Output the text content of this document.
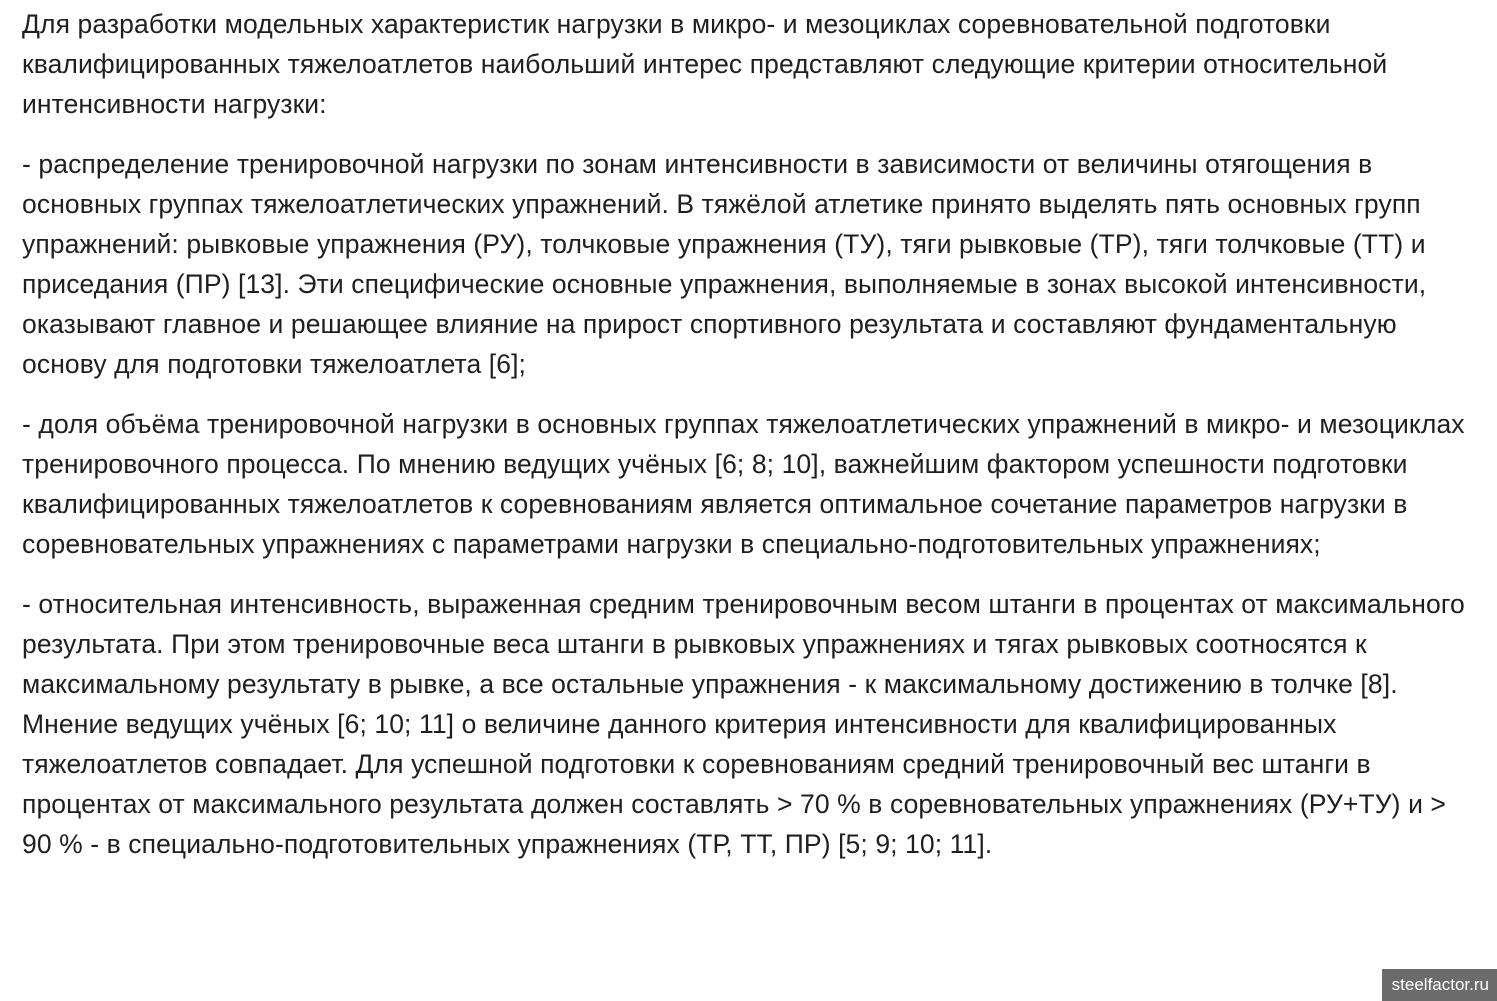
Для разработки модельных характеристик нагрузки в микро- и мезоциклах соревновательной подготовки квалифицированных тяжелоатлетов наибольший интерес представляют следующие критерии относительной интенсивности нагрузки:

- распределение тренировочной нагрузки по зонам интенсивности в зависимости от величины отягощения в основных группах тяжелоатлетических упражнений. В тяжёлой атлетике принято выделять пять основных групп упражнений: рывковые упражнения (РУ), толчковые упражнения (ТУ), тяги рывковые (ТР), тяги толчковые (ТТ) и приседания (ПР) [13]. Эти специфические основные упражнения, выполняемые в зонах высокой интенсивности, оказывают главное и решающее влияние на прирост спортивного результата и составляют фундаментальную основу для подготовки тяжелоатлета [6];

- доля объёма тренировочной нагрузки в основных группах тяжелоатлетических упражнений в микро- и мезоциклах тренировочного процесса. По мнению ведущих учёных [6; 8; 10], важнейшим фактором успешности подготовки квалифицированных тяжелоатлетов к соревнованиям является оптимальное сочетание параметров нагрузки в соревновательных упражнениях с параметрами нагрузки в специально-подготовительных упражнениях;

- относительная интенсивность, выраженная средним тренировочным весом штанги в процентах от максимального результата. При этом тренировочные веса штанги в рывковых упражнениях и тягах рывковых соотносятся к максимальному результату в рывке, а все остальные упражнения - к максимальному достижению в толчке [8]. Мнение ведущих учёных [6; 10; 11] о величине данного критерия интенсивности для квалифицированных тяжелоатлетов совпадает. Для успешной подготовки к соревнованиям средний тренировочный вес штанги в процентах от максимального результата должен составлять > 70 % в соревновательных упражнениях (РУ+ТУ) и > 90 % - в специально-подготовительных упражнениях (ТР, ТТ, ПР) [5; 9; 10; 11].

steelfactor.ru
